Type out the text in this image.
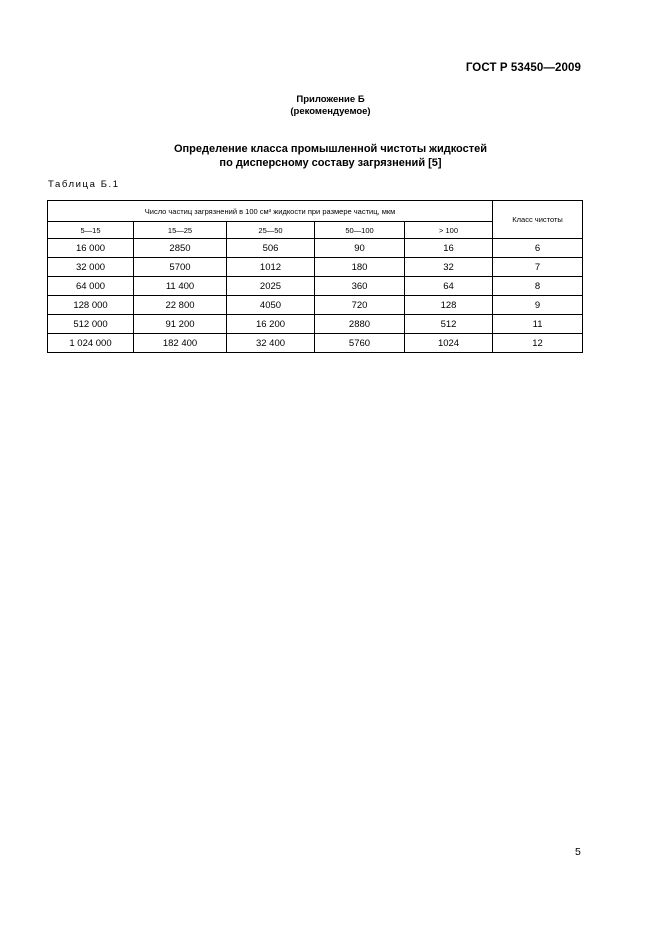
ГОСТ Р 53450—2009
Приложение Б
(рекомендуемое)
Определение класса промышленной чистоты жидкостей
по дисперсному составу загрязнений [5]
Таблица Б.1
Число частиц загрязнений в 100 см³ жидкости при размере частиц, мкм					Класс чистоты
5—15	15—25	25—50	50—100	> 100	
16 000	2850	506	90	16	6
32 000	5700	1012	180	32	7
64 000	11 400	2025	360	64	8
128 000	22 800	4050	720	128	9
512 000	91 200	16 200	2880	512	11
1 024 000	182 400	32 400	5760	1024	12
5
